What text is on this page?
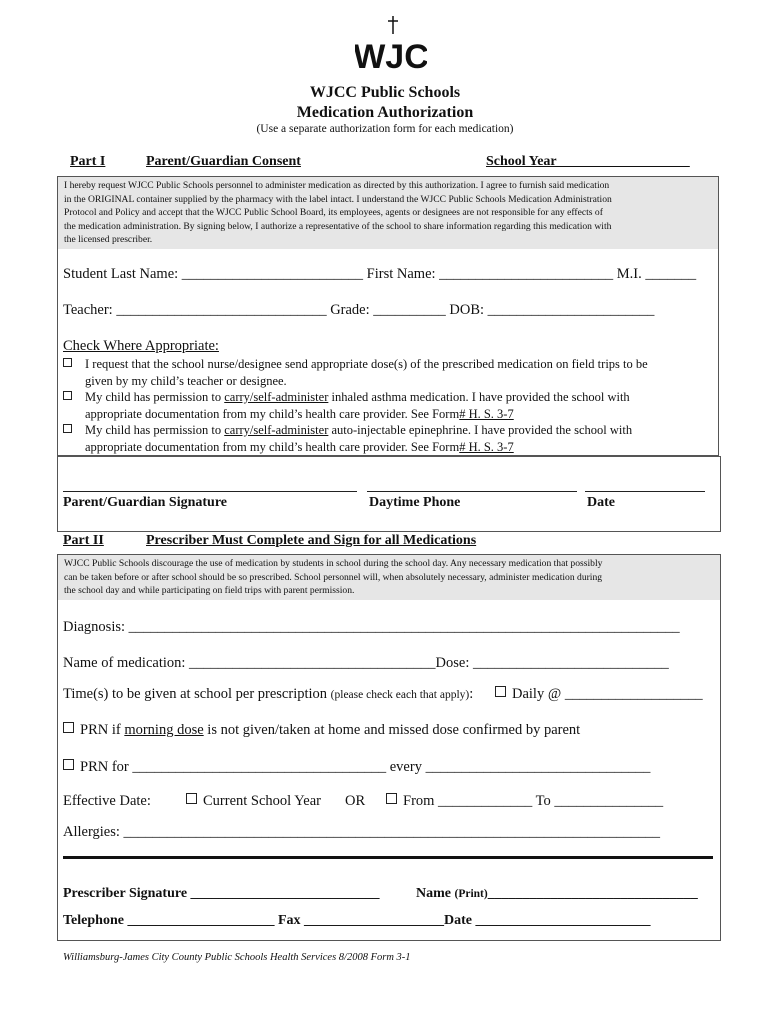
WJC
WJCC Public Schools
Medication Authorization
(Use a separate authorization form for each medication)
Part I	Parent/Guardian Consent	School Year___________________
I hereby request WJCC Public Schools personnel to administer medication as directed by this authorization. I agree to furnish said medication
in the ORIGINAL container supplied by the pharmacy with the label intact. I understand the WJCC Public Schools Medication Administration
Protocol and Policy and accept that the WJCC Public School Board, its employees, agents or designees are not responsible for any effects of
the medication administration. By signing below, I authorize a representative of the school to share information regarding this medication with
the licensed prescriber.
Student Last Name: _________________________ First Name: ________________________ M.I. _______
Teacher: _____________________________ Grade: __________ DOB: _______________________
Check Where Appropriate:
I request that the school nurse/designee send appropriate dose(s) of the prescribed medication on field trips to be
given by my child’s teacher or designee.
My child has permission to carry/self-administer inhaled asthma medication. I have provided the school with
appropriate documentation from my child’s health care provider. See Form# H. S. 3-7
My child has permission to carry/self-administer auto-injectable epinephrine. I have provided the school with
appropriate documentation from my child’s health care provider. See Form# H. S. 3-7
Parent/Guardian Signature	Daytime Phone	Date
Part II	Prescriber Must Complete and Sign for all Medications
WJCC Public Schools discourage the use of medication by students in school during the school day. Any necessary medication that possibly
can be taken before or after school should be so prescribed. School personnel will, when absolutely necessary, administer medication during
the school day and while participating on field trips with parent permission.
Diagnosis: ____________________________________________________________________________
Name of medication: __________________________________Dose: ___________________________
Time(s) to be given at school per prescription (please check each that apply):	Daily @ ___________________
PRN if morning dose is not given/taken at home and missed dose confirmed by parent
PRN for ___________________________________ every _______________________________
Effective Date:	Current School Year OR	From _____________ To _______________
Allergies: __________________________________________________________________________
Prescriber Signature ___________________________	Name (Print)______________________________
Telephone _____________________ Fax ____________________Date _________________________
Williamsburg-James City County Public Schools Health Services 8/2008 Form 3-1
